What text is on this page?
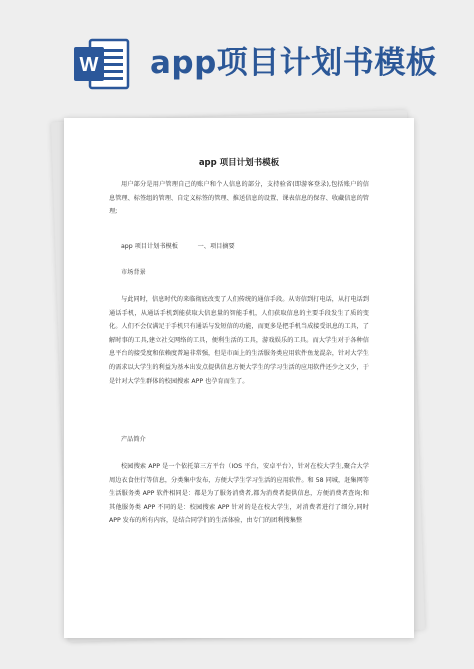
W app项目计划书模板
app 项目计划书模板

用户部分是用户管理自己的账户和个人信息的部分，支持验省(即游客登录),包括账户的信息管理、标签组的管理、自定义标签的管理、推送信息的设置、课表信息的保存、收藏信息的管理;

app 项目计划书模板          一、项目摘要

市场背景

与此同时，信息时代的来临彻底改变了人们传统的通信手段。从寄信到打电话，从打电话到通话手机，从通话手机到能获取大信息量的智能手机，人们获取信息的主要手段发生了质的变化。人们不会仅满足于手机只有通话与发短信的功能，而更多是把手机当成接受讯息的工具，了解时事的工具,建立社交网络的工具，便利生活的工具，游戏娱乐的工具。而大学生对于各种信息平台的接受度和依赖度普遍非常强，但是市面上的生活服务类应用软件鱼龙混杂，针对大学生的需求以大学生的利益为基本出发点提供信息方便大学生的学习生活的应用软件还少之又少，于是针对大学生群体的校园搜索 APP 也孕育而生了。

产品简介

校园搜索 APP 是一个依托第三方平台（IOS 平台，安卓平台），针对在校大学生,聚合大学周边衣食住行等信息，分类集中发布，方便大学生学习生活的应用软件。和 58 同城，赶集网等生活服务类 APP 软件相同是：都是为了服务消费者,都为消费者提供信息，方便消费者查询;和其他服务类 APP 不同的是：校园搜索 APP 针对的是在校大学生，对消费者进行了细分,同时 APP 发布的所有内容，是结合同学们的生活体验，由专门的团利搜集整
